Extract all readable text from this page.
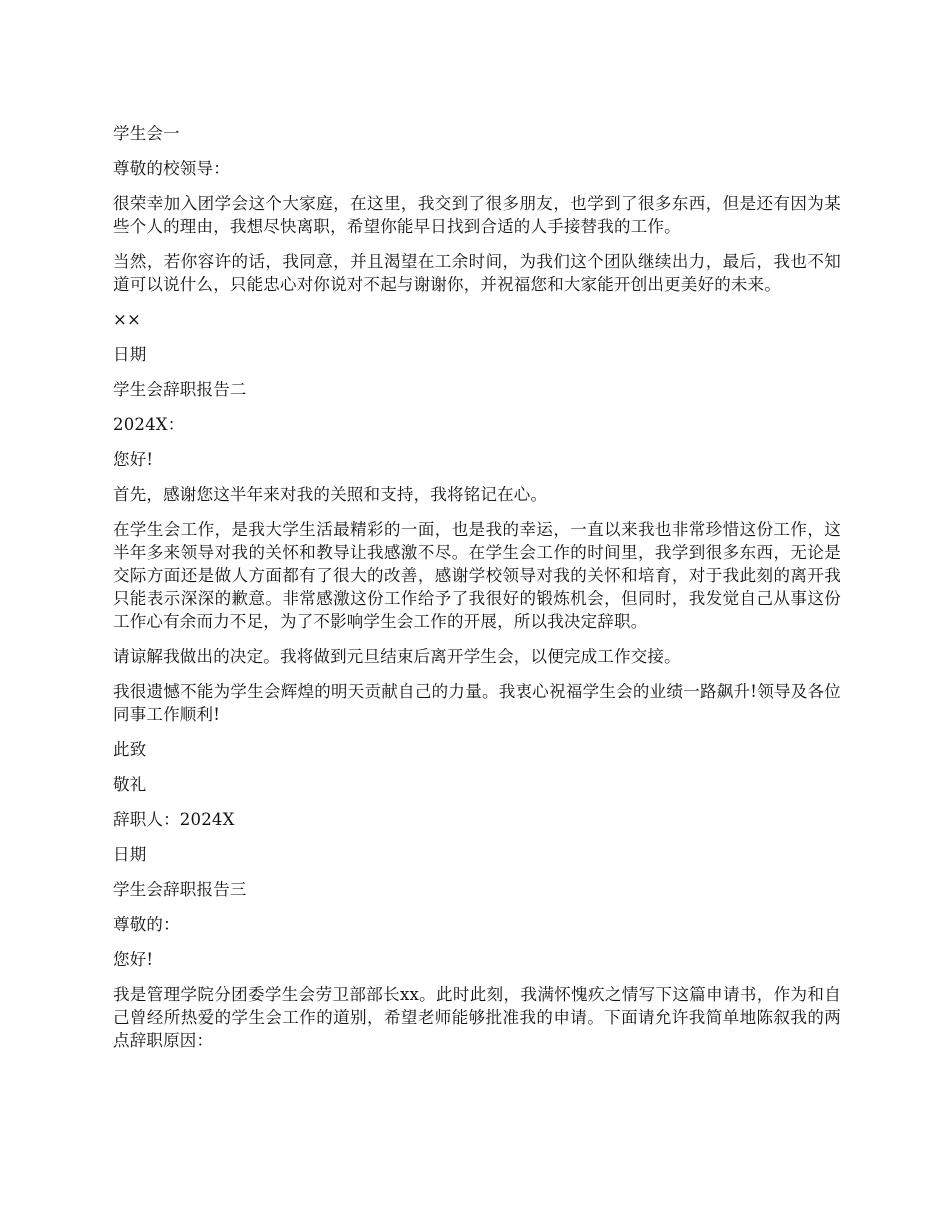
学生会一

尊敬的校领导：

很荣幸加入团学会这个大家庭，在这里，我交到了很多朋友，也学到了很多东西，但是还有因为某些个人的理由，我想尽快离职，希望你能早日找到合适的人手接替我的工作。

当然，若你容许的话，我同意，并且渴望在工余时间，为我们这个团队继续出力，最后，我也不知道可以说什么，只能忠心对你说对不起与谢谢你，并祝福您和大家能开创出更美好的未来。

××

日期

学生会辞职报告二

2024X：

您好!

首先，感谢您这半年来对我的关照和支持，我将铭记在心。

在学生会工作，是我大学生活最精彩的一面，也是我的幸运，一直以来我也非常珍惜这份工作，这半年多来领导对我的关怀和教导让我感激不尽。在学生会工作的时间里，我学到很多东西，无论是交际方面还是做人方面都有了很大的改善，感谢学校领导对我的关怀和培育，对于我此刻的离开我只能表示深深的歉意。非常感激这份工作给予了我很好的锻炼机会，但同时，我发觉自己从事这份工作心有余而力不足，为了不影响学生会工作的开展，所以我决定辞职。

请谅解我做出的决定。我将做到元旦结束后离开学生会，以便完成工作交接。

我很遗憾不能为学生会辉煌的明天贡献自己的力量。我衷心祝福学生会的业绩一路飙升!领导及各位同事工作顺利!

此致

敬礼

辞职人：2024X

日期

学生会辞职报告三

尊敬的：

您好!

我是管理学院分团委学生会劳卫部部长xx。此时此刻，我满怀愧疚之情写下这篇申请书，作为和自己曾经所热爱的学生会工作的道别，希望老师能够批准我的申请。下面请允许我简单地陈叙我的两点辞职原因：
